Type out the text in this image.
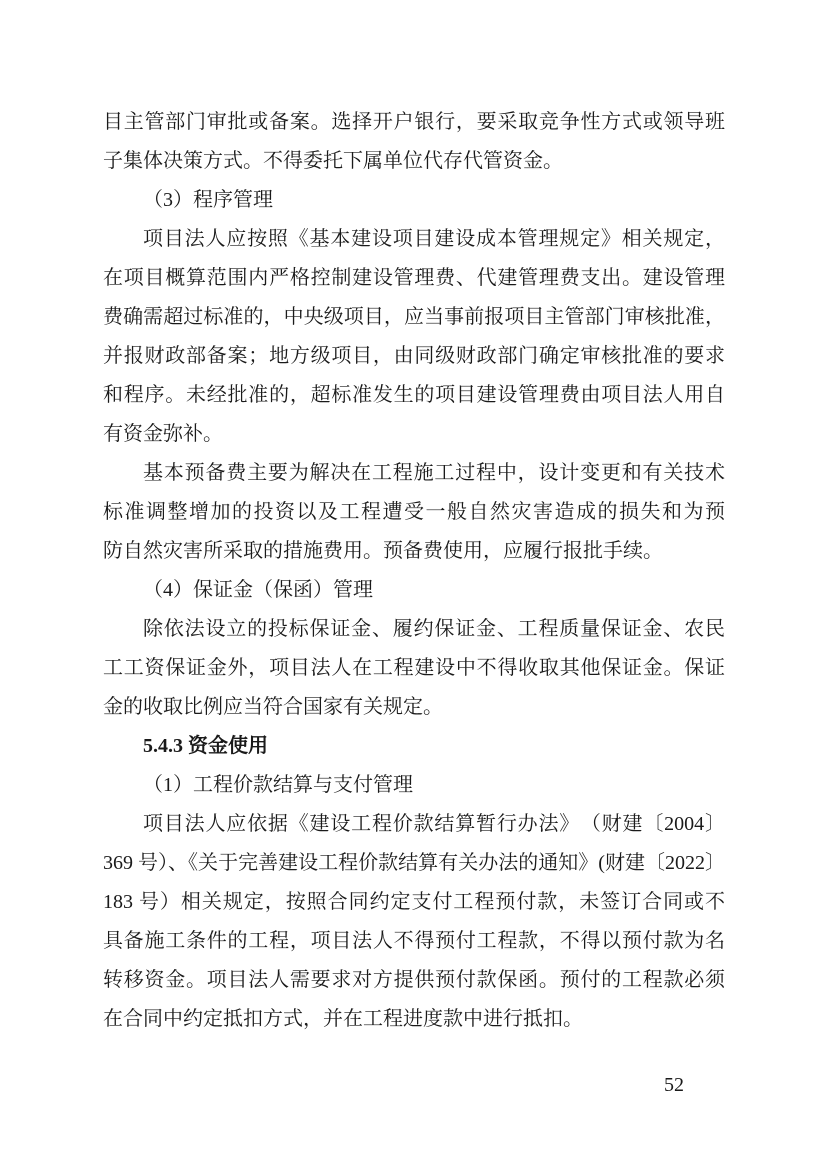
目主管部门审批或备案。选择开户银行，要采取竞争性方式或领导班
子集体决策方式。不得委托下属单位代存代管资金。
（3）程序管理
项目法人应按照《基本建设项目建设成本管理规定》相关规定，
在项目概算范围内严格控制建设管理费、代建管理费支出。建设管理
费确需超过标准的，中央级项目，应当事前报项目主管部门审核批准，
并报财政部备案；地方级项目，由同级财政部门确定审核批准的要求
和程序。未经批准的，超标准发生的项目建设管理费由项目法人用自
有资金弥补。
基本预备费主要为解决在工程施工过程中，设计变更和有关技术
标准调整增加的投资以及工程遭受一般自然灾害造成的损失和为预
防自然灾害所采取的措施费用。预备费使用，应履行报批手续。
（4）保证金（保函）管理
除依法设立的投标保证金、履约保证金、工程质量保证金、农民
工工资保证金外，项目法人在工程建设中不得收取其他保证金。保证
金的收取比例应当符合国家有关规定。
5.4.3 资金使用
（1）工程价款结算与支付管理
项目法人应依据《建设工程价款结算暂行办法》　（财建〔2004〕
369 号）、《关于完善建设工程价款结算有关办法的通知》(财建〔2022〕
183 号）相关规定，按照合同约定支付工程预付款，未签订合同或不
具备施工条件的工程，项目法人不得预付工程款，不得以预付款为名
转移资金。项目法人需要求对方提供预付款保函。预付的工程款必须
在合同中约定抵扣方式，并在工程进度款中进行抵扣。
52
